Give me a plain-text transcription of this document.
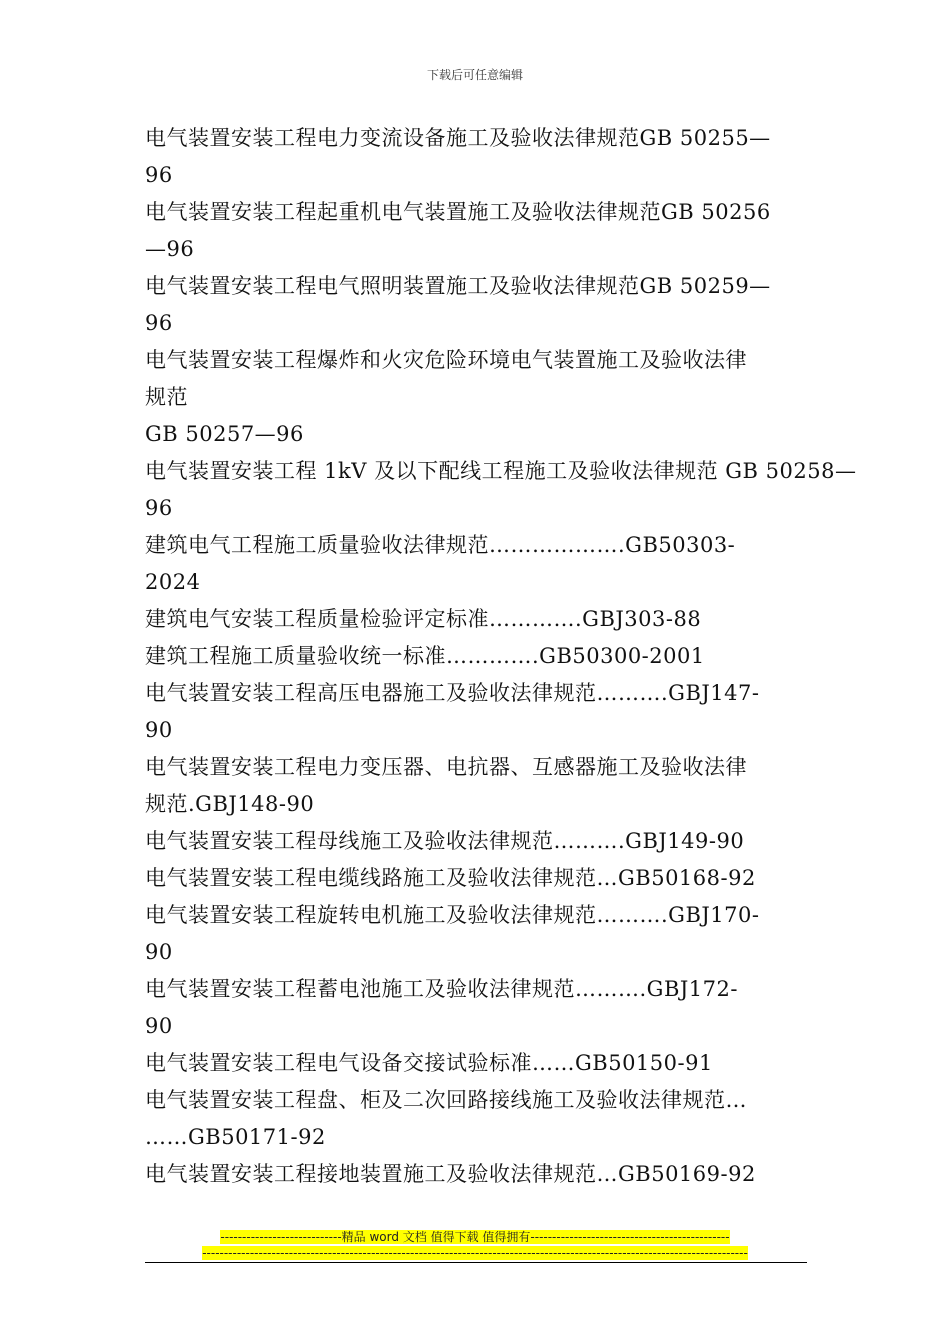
下载后可任意编辑
电气装置安装工程电力变流设备施工及验收法律规范GB 50255—
96
电气装置安装工程起重机电气装置施工及验收法律规范GB 50256
—96
电气装置安装工程电气照明装置施工及验收法律规范GB 50259—
96
电气装置安装工程爆炸和火灾危险环境电气装置施工及验收法律
规范
GB 50257—96
电气装置安装工程 1kV 及以下配线工程施工及验收法律规范 GB 50258—
96
建筑电气工程施工质量验收法律规范……………….GB50303-
2024
建筑电气安装工程质量检验评定标准………….GBJ303-88
建筑工程施工质量验收统一标准………….GB50300-2001
电气装置安装工程高压电器施工及验收法律规范……….GBJ147-
90
电气装置安装工程电力变压器、电抗器、互感器施工及验收法律
规范.GBJ148-90
电气装置安装工程母线施工及验收法律规范……….GBJ149-90
电气装置安装工程电缆线路施工及验收法律规范…GB50168-92
电气装置安装工程旋转电机施工及验收法律规范……….GBJ170-
90
电气装置安装工程蓄电池施工及验收法律规范……….GBJ172-
90
电气装置安装工程电气设备交接试验标准……GB50150-91
电气装置安装工程盘、柜及二次回路接线施工及验收法律规范…
……GB50171-92
电气装置安装工程接地装置施工及验收法律规范…GB50169-92
----------------------------精品 word 文档 值得下载 值得拥有----------------------------------------------
------------------------------------------------------------------------------------------------------------------------------
